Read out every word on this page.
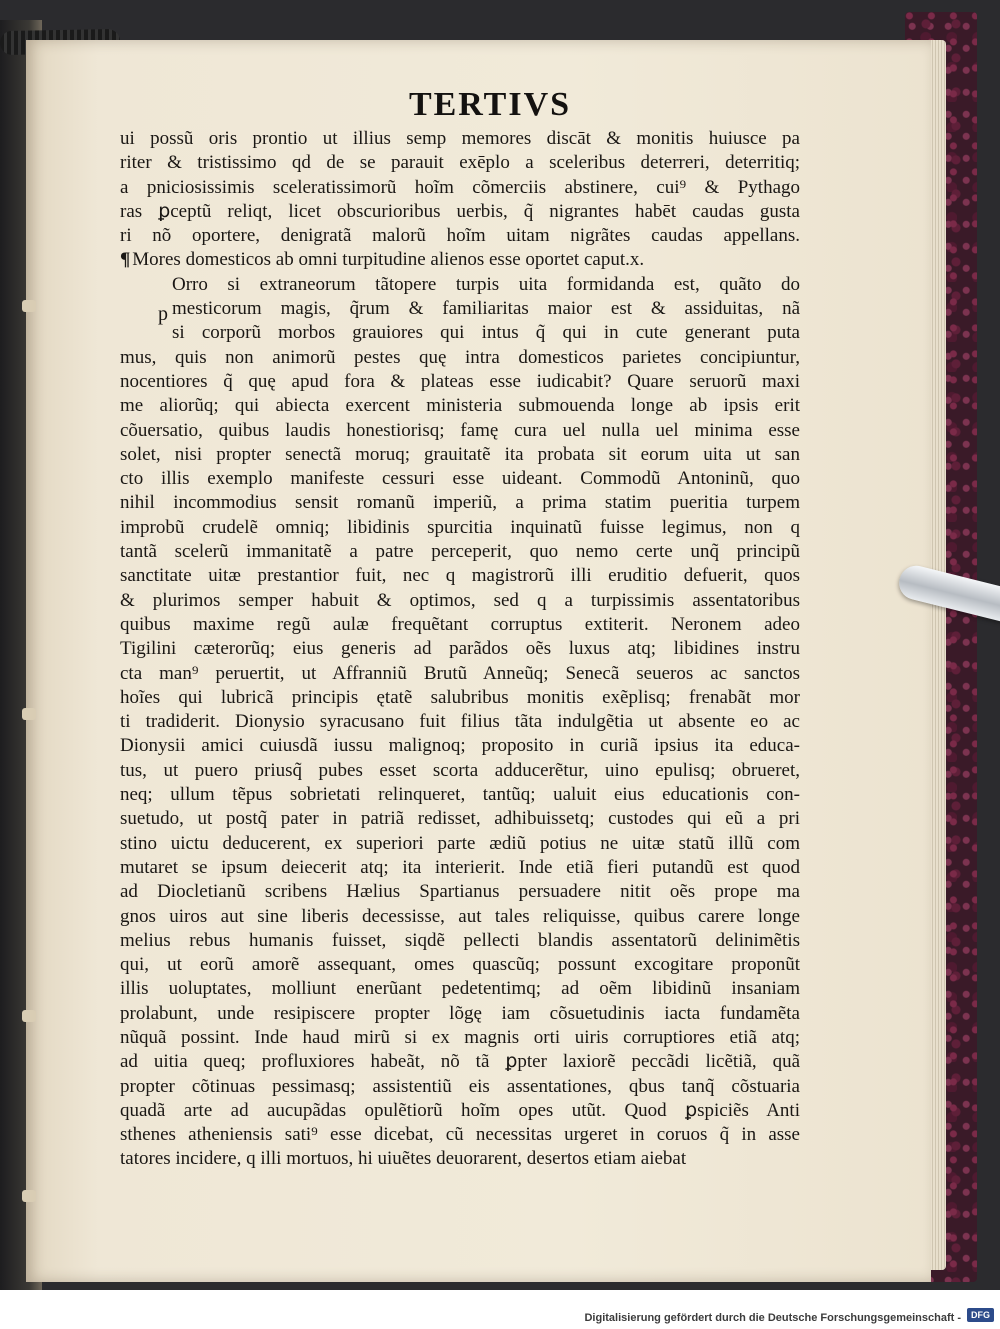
TERTIVS
ui possũ oris prontio ut illius semp memores discāt & monitis huiusce pa
riter & tristissimo qd de se parauit exēplo a sceleribus deterreri, deterritiq;
a pniciosissimis sceleratissimorũ hoĩm cõmerciis abstinere, cui⁹ & Pythago
ras ꝑceptũ reliqt, licet obscurioribus uerbis, q̃ nigrantes habēt caudas gusta
ri nõ oportere, denigratã malorũ hoĩm uitam nigrãtes caudas appellans.
¶ Mores domesticos ab omni turpitudine alienos esse oportet caput.x.
Orro si extraneorum tãtopere turpis uita formidanda est, quãto do
mesticorum magis, q̃rum & familiaritas maior est & assiduitas, nã
si corporũ morbos grauiores qui intus q̃ qui in cute generant puta
mus, quis non animorũ pestes quę intra domesticos parietes concipiuntur,
nocentiores q̃ quę apud fora & plateas esse iudicabit? Quare seruorũ maxi
me aliorũq; qui abiecta exercent ministeria submouenda longe ab ipsis erit
cõuersatio, quibus laudis honestiorisq; famę cura uel nulla uel minima esse
solet, nisi propter senectã moruq; grauitatẽ ita probata sit eorum uita ut san
cto illis exemplo manifeste cessuri esse uideant. Commodũ Antoninũ, quo
nihil incommodius sensit romanũ imperiũ, a prima statim pueritia turpem
improbũ crudelẽ omniq; libidinis spurcitia inquinatũ fuisse legimus, non q
tantã scelerũ immanitatẽ a patre perceperit, quo nemo certe unq̃ principũ
sanctitate uitæ prestantior fuit, nec q magistrorũ illi eruditio defuerit, quos
& plurimos semper habuit & optimos, sed q a turpissimis assentatoribus
quibus maxime regũ aulæ frequẽtant corruptus extiterit. Neronem adeo
Tigilini cæterorũq; eius generis ad parãdos oẽs luxus atq; libidines instru
cta man⁹ peruertit, ut Affranniũ Brutũ Anneũq; Senecã seueros ac sanctos
hoĩes qui lubricã principis ętatẽ salubribus monitis exẽplisq; frenabãt mor
ti tradiderit. Dionysio syracusano fuit filius tãta indulgẽtia ut absente eo ac
Dionysii amici cuiusdã iussu malignoq; proposito in curiã ipsius ita educa-
tus, ut puero priusq̃ pubes esset scorta adducerẽtur, uino epulisq; obrueret,
neq; ullum tẽpus sobrietati relinqueret, tantũq; ualuit eius educationis con-
suetudo, ut postq̃ pater in patriã redisset, adhibuissetq; custodes qui eũ a pri
stino uictu deducerent, ex superiori parte ædiũ potius ne uitæ statũ illũ com
mutaret se ipsum deiecerit atq; ita interierit. Inde etiã fieri putandũ est quod
ad Diocletianũ scribens Hælius Spartianus persuadere nitit oẽs prope ma
gnos uiros aut sine liberis decessisse, aut tales reliquisse, quibus carere longe
melius rebus humanis fuisset, siqdẽ pellecti blandis assentatorũ delinimẽtis
qui, ut eorũ amorẽ assequant, omes quascũq; possunt excogitare proponũt
illis uoluptates, molliunt enerũant pedetentimq; ad oẽm libidinũ insaniam
prolabunt, unde resipiscere propter lõgę iam cõsuetudinis iacta fundamẽta
nũquã possint. Inde haud mirũ si ex magnis orti uiris corruptiores etiã atq;
ad uitia queq; profluxiores habeãt, nõ tã ꝑpter laxiorẽ peccãdi licẽtiã, quã
propter cõtinuas pessimasq; assistentiũ eis assentationes, qbus tanq̃ cõstuaria
quadã arte ad aucupãdas opulẽtiorũ hoĩm opes utũt. Quod ꝑspiciẽs Anti
sthenes atheniensis sati⁹ esse dicebat, cũ necessitas urgeret in coruos q̃ in asse
tatores incidere, q illi mortuos, hi uiuẽtes deuorarent, desertos etiam aiebat
p
Digitalisierung gefördert durch die Deutsche Forschungsgemeinschaft - DFG
